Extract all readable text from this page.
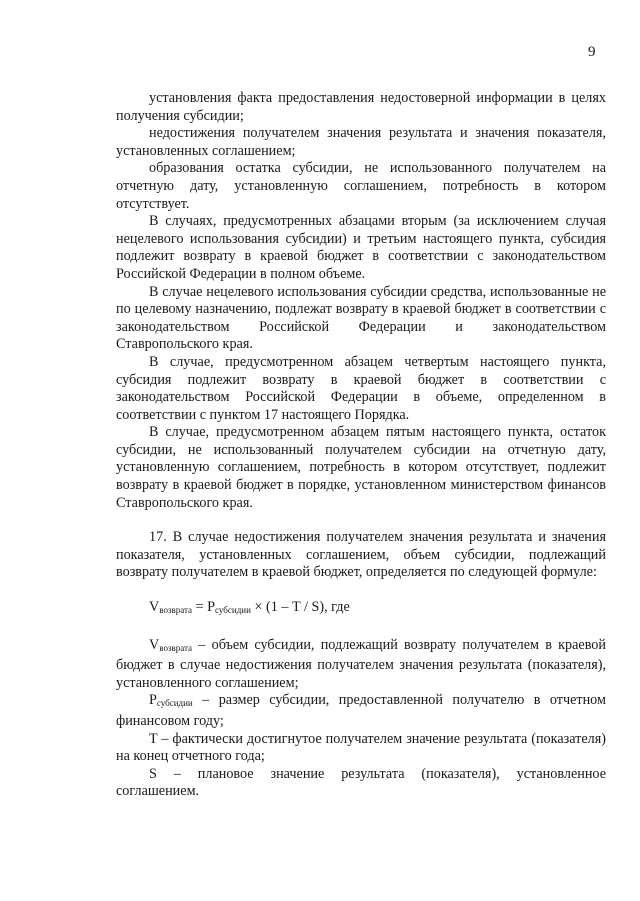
9

установления факта предоставления недостоверной информации в целях получения субсидии;

недостижения получателем значения результата и значения показателя, установленных соглашением;

образования остатка субсидии, не использованного получателем на отчетную дату, установленную соглашением, потребность в котором отсутствует.

В случаях, предусмотренных абзацами вторым (за исключением случая нецелевого использования субсидии) и третьим настоящего пункта, субсидия подлежит возврату в краевой бюджет в соответствии с законодательством Российской Федерации в полном объеме.

В случае нецелевого использования субсидии средства, использованные не по целевому назначению, подлежат возврату в краевой бюджет в соответствии с законодательством Российской Федерации и законодательством Ставропольского края.

В случае, предусмотренном абзацем четвертым настоящего пункта, субсидия подлежит возврату в краевой бюджет в соответствии с законодательством Российской Федерации в объеме, определенном в соответствии с пунктом 17 настоящего Порядка.

В случае, предусмотренном абзацем пятым настоящего пункта, остаток субсидии, не использованный получателем субсидии на отчетную дату, установленную соглашением, потребность в котором отсутствует, подлежит возврату в краевой бюджет в порядке, установленном министерством финансов Ставропольского края.

17. В случае недостижения получателем значения результата и значения показателя, установленных соглашением, объем субсидии, подлежащий возврату получателем в краевой бюджет, определяется по следующей формуле:

$V_{возврата} = P_{субсидии} \times (1 - T / S)$, где

$V_{возврата}$ – объем субсидии, подлежащий возврату получателем в краевой бюджет в случае недостижения получателем значения результата (показателя), установленного соглашением;

$P_{субсидии}$ – размер субсидии, предоставленной получателю в отчетном финансовом году;

T – фактически достигнутое получателем значение результата (показателя) на конец отчетного года;

S – плановое значение результата (показателя), установленное соглашением.
